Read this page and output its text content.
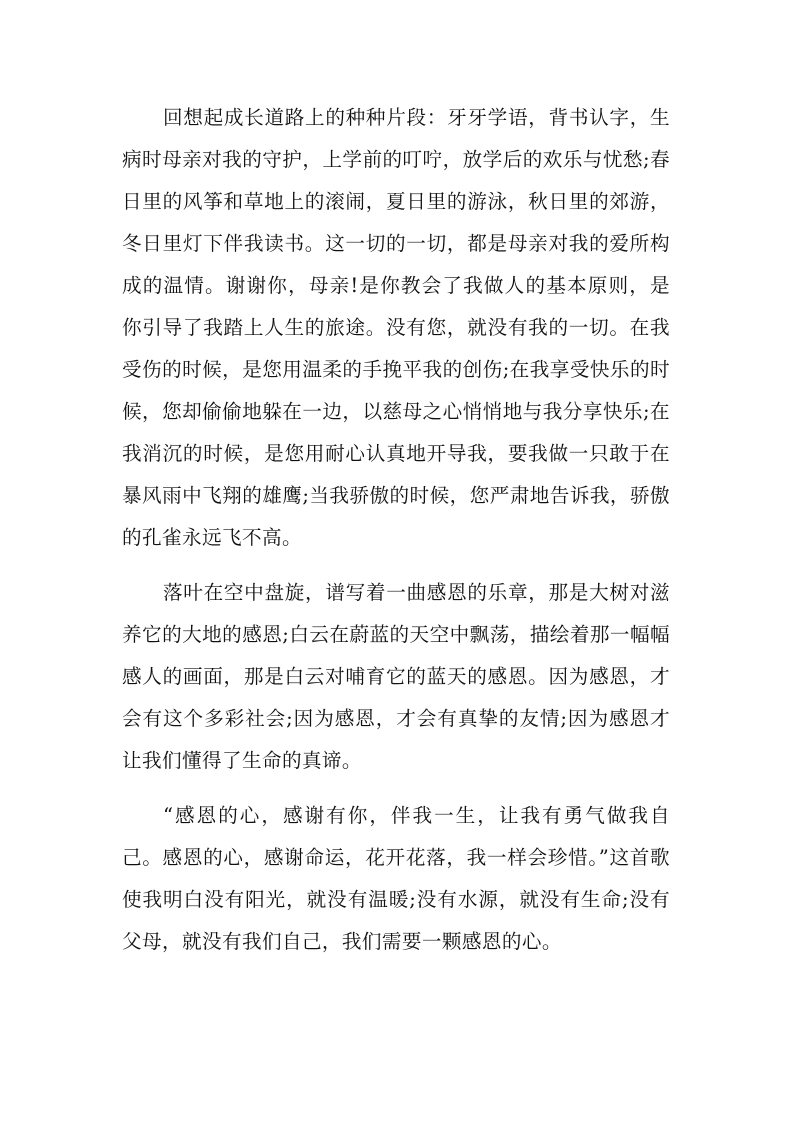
回想起成长道路上的种种片段：牙牙学语，背书认字，生病时母亲对我的守护，上学前的叮咛，放学后的欢乐与忧愁;春日里的风筝和草地上的滚闹，夏日里的游泳，秋日里的郊游，冬日里灯下伴我读书。这一切的一切，都是母亲对我的爱所构成的温情。谢谢你，母亲!是你教会了我做人的基本原则，是你引导了我踏上人生的旅途。没有您，就没有我的一切。在我受伤的时候，是您用温柔的手挽平我的创伤;在我享受快乐的时候，您却偷偷地躲在一边，以慈母之心悄悄地与我分享快乐;在我消沉的时候，是您用耐心认真地开导我，要我做一只敢于在暴风雨中飞翔的雄鹰;当我骄傲的时候，您严肃地告诉我，骄傲的孔雀永远飞不高。

落叶在空中盘旋，谱写着一曲感恩的乐章，那是大树对滋养它的大地的感恩;白云在蔚蓝的天空中飘荡，描绘着那一幅幅感人的画面，那是白云对哺育它的蓝天的感恩。因为感恩，才会有这个多彩社会;因为感恩，才会有真挚的友情;因为感恩才让我们懂得了生命的真谛。

“感恩的心，感谢有你，伴我一生，让我有勇气做我自己。感恩的心，感谢命运，花开花落，我一样会珍惜。”这首歌使我明白没有阳光，就没有温暖;没有水源，就没有生命;没有父母，就没有我们自己，我们需要一颗感恩的心。
